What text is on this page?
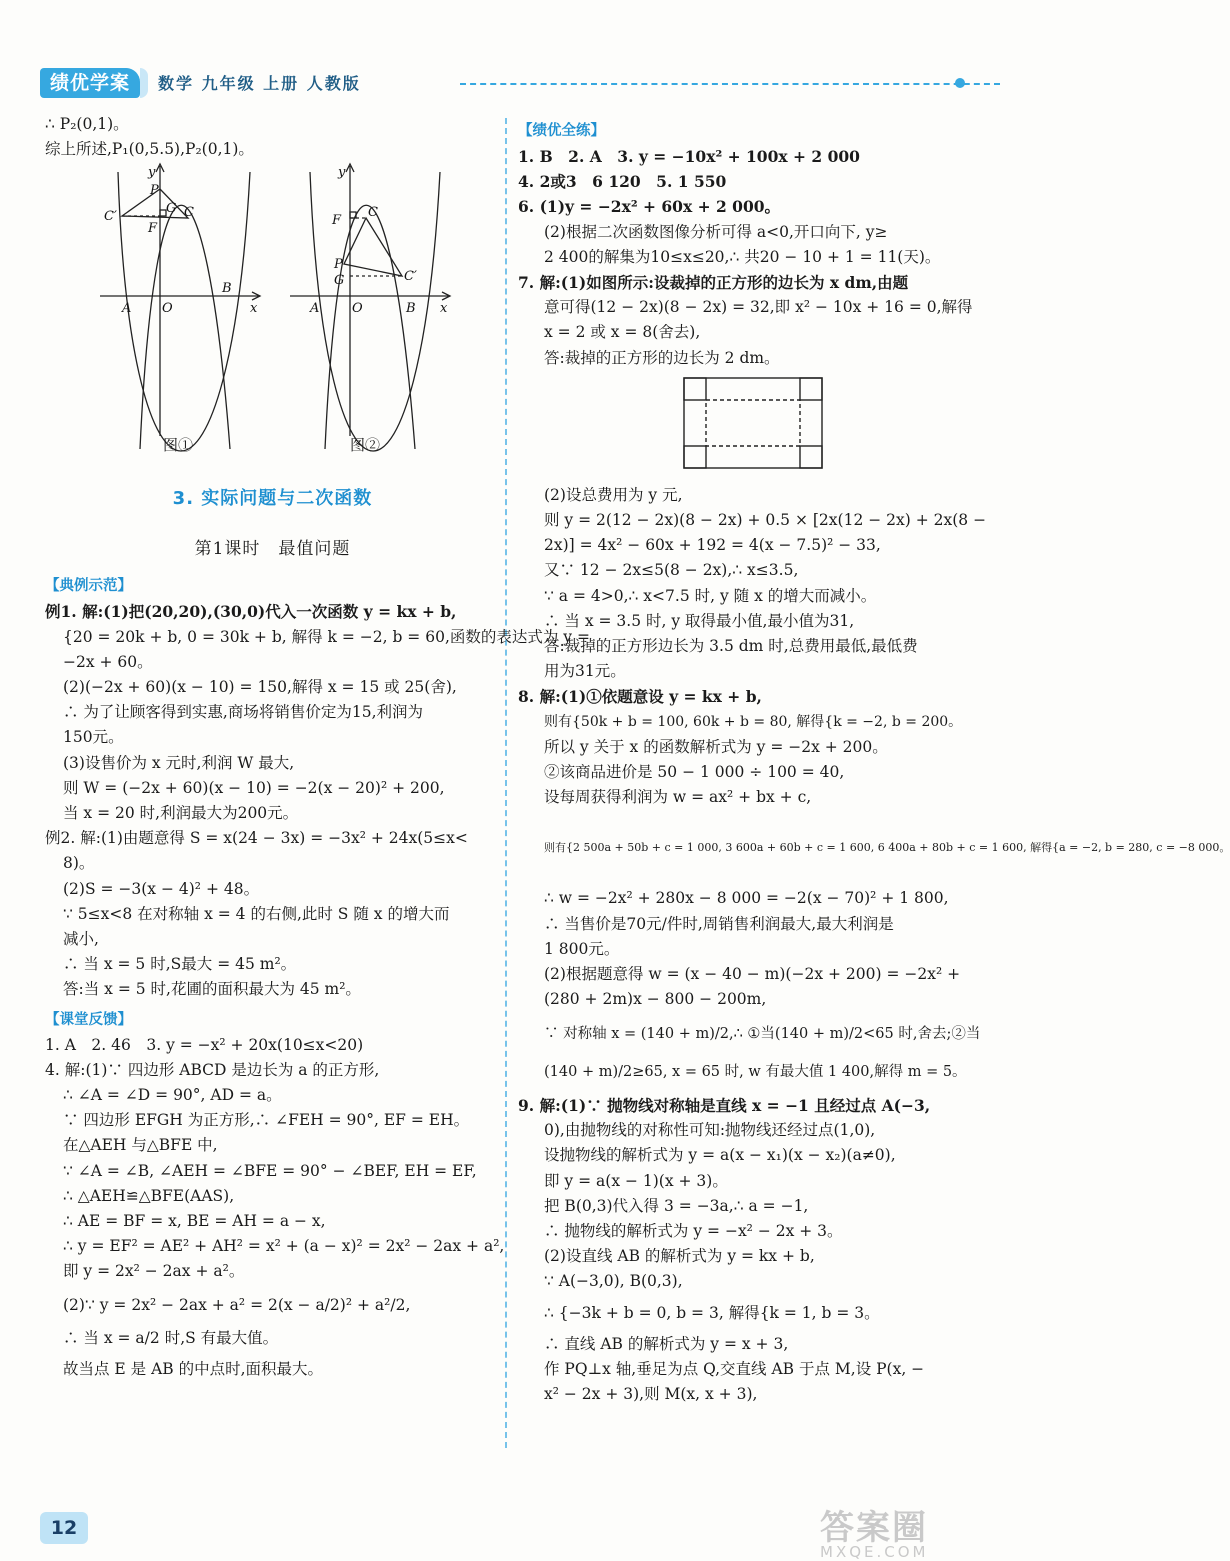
绩优学案	数学 九年级 上册 人教版

∴ P₂(0,1)。

综上所述,P₁(0,5.5),P₂(0,1)。

y
P
C′
G C
F
A O
B
x
图①
y
F
C
P
G	C′
A	O	B x
图②
3. 实际问题与二次函数
第1课时　最值问题
【典例示范】

例1. 解:(1)把(20,20),(30,0)代入一次函数 y = kx + b,

{20 = 20k + b, 0 = 30k + b, 解得 k = −2, b = 60,函数的表达式为 y =

−2x + 60。

(2)(−2x + 60)(x − 10) = 150,解得 x = 15 或 25(舍),

∴ 为了让顾客得到实惠,商场将销售价定为15,利润为

150元。

(3)设售价为 x 元时,利润 W 最大,

则 W = (−2x + 60)(x − 10) = −2(x − 20)² + 200,

当 x = 20 时,利润最大为200元。

例2. 解:(1)由题意得 S = x(24 − 3x) = −3x² + 24x(5≤x<

8)。

(2)S = −3(x − 4)² + 48。

∵ 5≤x<8 在对称轴 x = 4 的右侧,此时 S 随 x 的增大而

减小,

∴ 当 x = 5 时,S最大 = 45 m²。

答:当 x = 5 时,花圃的面积最大为 45 m²。

【课堂反馈】

1. A　2. 46　3. y = −x² + 20x(10≤x<20)

4. 解:(1)∵ 四边形 ABCD 是边长为 a 的正方形,

∴ ∠A = ∠D = 90°, AD = a。

∵ 四边形 EFGH 为正方形,∴ ∠FEH = 90°, EF = EH。

在△AEH 与△BFE 中,

∵ ∠A = ∠B, ∠AEH = ∠BFE = 90° − ∠BEF, EH = EF,

∴ △AEH≌△BFE(AAS),

∴ AE = BF = x, BE = AH = a − x,

∴ y = EF² = AE² + AH² = x² + (a − x)² = 2x² − 2ax + a²,

即 y = 2x² − 2ax + a²。

(2)∵ y = 2x² − 2ax + a² = 2(x − a/2)² + a²/2,

∴ 当 x = a/2 时,S 有最大值。

故当点 E 是 AB 的中点时,面积最大。

【绩优全练】

1. B　2. A　3. y = −10x² + 100x + 2 000

4. 2或3　6 120　5. 1 550

6. (1)y = −2x² + 60x + 2 000。

(2)根据二次函数图像分析可得 a<0,开口向下, y≥

2 400的解集为10≤x≤20,∴ 共20 − 10 + 1 = 11(天)。

7. 解:(1)如图所示:设裁掉的正方形的边长为 x dm,由题

意可得(12 − 2x)(8 − 2x) = 32,即 x² − 10x + 16 = 0,解得

x = 2 或 x = 8(舍去),

答:裁掉的正方形的边长为 2 dm。

(2)设总费用为 y 元,

则 y = 2(12 − 2x)(8 − 2x) + 0.5 × [2x(12 − 2x) + 2x(8 −

2x)] = 4x² − 60x + 192 = 4(x − 7.5)² − 33,

又∵ 12 − 2x≤5(8 − 2x),∴ x≤3.5,

∵ a = 4>0,∴ x<7.5 时, y 随 x 的增大而减小。

∴ 当 x = 3.5 时, y 取得最小值,最小值为31,

答:裁掉的正方形边长为 3.5 dm 时,总费用最低,最低费

用为31元。

8. 解:(1)①依题意设 y = kx + b,

则有{50k + b = 100, 60k + b = 80, 解得{k = −2, b = 200。

所以 y 关于 x 的函数解析式为 y = −2x + 200。

②该商品进价是 50 − 1 000 ÷ 100 = 40,

设每周获得利润为 w = ax² + bx + c,

则有{2 500a + 50b + c = 1 000, 3 600a + 60b + c = 1 600, 6 400a + 80b + c = 1 600, 解得{a = −2, b = 280, c = −8 000。

∴ w = −2x² + 280x − 8 000 = −2(x − 70)² + 1 800,

∴ 当售价是70元/件时,周销售利润最大,最大利润是

1 800元。

(2)根据题意得 w = (x − 40 − m)(−2x + 200) = −2x² +

(280 + 2m)x − 800 − 200m,

∵ 对称轴 x = (140 + m)/2,∴ ①当(140 + m)/2<65 时,舍去;②当

(140 + m)/2≥65, x = 65 时, w 有最大值 1 400,解得 m = 5。

9. 解:(1)∵ 抛物线对称轴是直线 x = −1 且经过点 A(−3,

0),由抛物线的对称性可知:抛物线还经过点(1,0),

设抛物线的解析式为 y = a(x − x₁)(x − x₂)(a≠0),

即 y = a(x − 1)(x + 3)。

把 B(0,3)代入得 3 = −3a,∴ a = −1,

∴ 抛物线的解析式为 y = −x² − 2x + 3。

(2)设直线 AB 的解析式为 y = kx + b,

∵ A(−3,0), B(0,3),

∴ {−3k + b = 0, b = 3, 解得{k = 1, b = 3。

∴ 直线 AB 的解析式为 y = x + 3,

作 PQ⊥x 轴,垂足为点 Q,交直线 AB 于点 M,设 P(x, −

x² − 2x + 3),则 M(x, x + 3),

12	答案圈
MXQE.COM
